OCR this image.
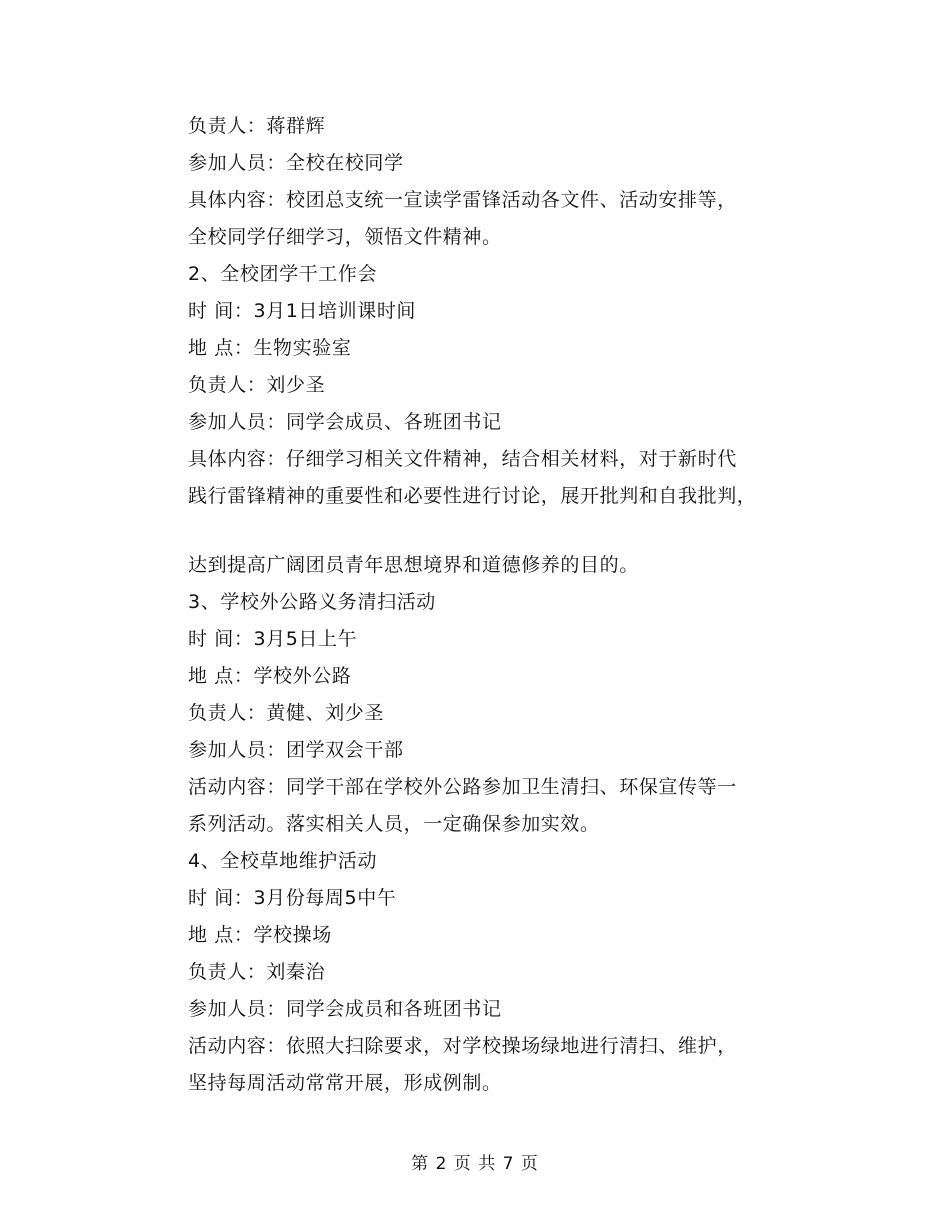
负责人：蒋群辉
参加人员：全校在校同学
具体内容：校团总支统一宣读学雷锋活动各文件、活动安排等，
全校同学仔细学习，领悟文件精神。
2、全校团学干工作会
时 间：3月1日培训课时间
地 点：生物实验室
负责人：刘少圣
参加人员：同学会成员、各班团书记
具体内容：仔细学习相关文件精神，结合相关材料，对于新时代
践行雷锋精神的重要性和必要性进行讨论，展开批判和自我批判，
达到提高广阔团员青年思想境界和道德修养的目的。
3、学校外公路义务清扫活动
时 间：3月5日上午
地 点：学校外公路
负责人：黄健、刘少圣
参加人员：团学双会干部
活动内容：同学干部在学校外公路参加卫生清扫、环保宣传等一
系列活动。落实相关人员，一定确保参加实效。
4、全校草地维护活动
时 间：3月份每周5中午
地 点：学校操场
负责人：刘秦治
参加人员：同学会成员和各班团书记
活动内容：依照大扫除要求，对学校操场绿地进行清扫、维护，
坚持每周活动常常开展，形成例制。
第 2 页 共 7 页
